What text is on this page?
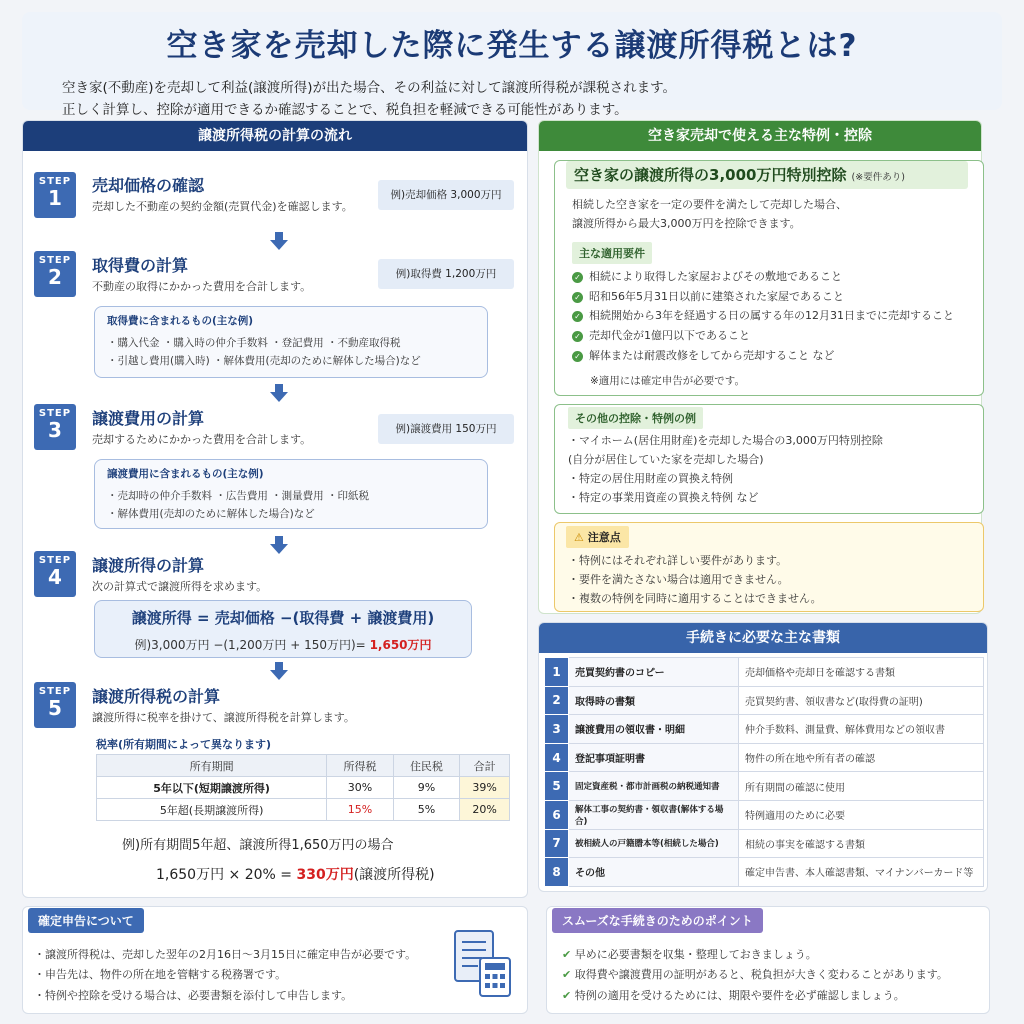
空き家を売却した際に発生する譲渡所得税とは?

空き家(不動産)を売却して利益(譲渡所得)が出た場合、その利益に対して譲渡所得税が課税されます。

正しく計算し、控除が適用できるか確認することで、税負担を軽減できる可能性があります。

譲渡所得税の計算の流れ
STEP
1
売却価格の確認
売却した不動産の契約金額(売買代金)を確認します。
例)売却価格 3,000万円
STEP
2	取得費の計算
不動産の取得にかかった費用を合計します。
例)取得費 1,200万円
取得費に含まれるもの(主な例)
・購入代金 ・購入時の仲介手数料 ・登記費用 ・不動産取得税
・引越し費用(購入時) ・解体費用(売却のために解体した場合)など
STEP
3	譲渡費用の計算
売却するためにかかった費用を合計します。
例)譲渡費用 150万円
譲渡費用に含まれるもの(主な例)
・売却時の仲介手数料 ・広告費用 ・測量費用 ・印紙税
・解体費用(売却のために解体した場合)など
STEP
4	譲渡所得の計算
次の計算式で譲渡所得を求めます。
譲渡所得 = 売却価格 −(取得費 + 譲渡費用)
例)3,000万円 −(1,200万円 + 150万円)= 1,650万円
STEP
5	譲渡所得税の計算
譲渡所得に税率を掛けて、譲渡所得税を計算します。
税率(所有期間によって異なります)
所有期間	所得税	住民税	合計
5年以下(短期譲渡所得)	30%	9%	39%
5年超(長期譲渡所得)	15%	5%	20%
例)所有期間5年超、譲渡所得1,650万円の場合
1,650万円 × 20% = 330万円(譲渡所得税)
空き家売却で使える主な特例・控除
空き家の譲渡所得の3,000万円特別控除 (※要件あり)
相続した空き家を一定の要件を満たして売却した場合、
譲渡所得から最大3,000万円を控除できます。
主な適用要件
✓ 相続により取得した家屋およびその敷地であること
✓ 昭和56年5月31日以前に建築された家屋であること
✓ 相続開始から3年を経過する日の属する年の12月31日までに売却すること
✓ 売却代金が1億円以下であること
✓ 解体または耐震改修をしてから売却すること など
※適用には確定申告が必要です。
その他の控除・特例の例
・マイホーム(居住用財産)を売却した場合の3,000万円特別控除
(自分が居住していた家を売却した場合)
・特定の居住用財産の買換え特例
・特定の事業用資産の買換え特例 など
⚠ 注意点
・特例にはそれぞれ詳しい要件があります。
・要件を満たさない場合は適用できません。
・複数の特例を同時に適用することはできません。
手続きに必要な主な書類
1	売買契約書のコピー	売却価格や売却日を確認する書類
2	取得時の書類	売買契約書、領収書など(取得費の証明)
3	譲渡費用の領収書・明細	仲介手数料、測量費、解体費用などの領収書
4	登記事項証明書	物件の所在地や所有者の確認
5	固定資産税・都市計画税の納税通知書	所有期間の確認に使用
6	解体工事の契約書・領収書(解体する場合)	特例適用のために必要
7	被相続人の戸籍謄本等(相続した場合)	相続の事実を確認する書類
8	その他	確定申告書、本人確認書類、マイナンバーカード等
確定申告について
・譲渡所得税は、売却した翌年の2月16日〜3月15日に確定申告が必要です。
・申告先は、物件の所在地を管轄する税務署です。
・特例や控除を受ける場合は、必要書類を添付して申告します。
スムーズな手続きのためのポイント
✔ 早めに必要書類を収集・整理しておきましょう。
✔ 取得費や譲渡費用の証明があると、税負担が大きく変わることがあります。
✔ 特例の適用を受けるためには、期限や要件を必ず確認しましょう。
